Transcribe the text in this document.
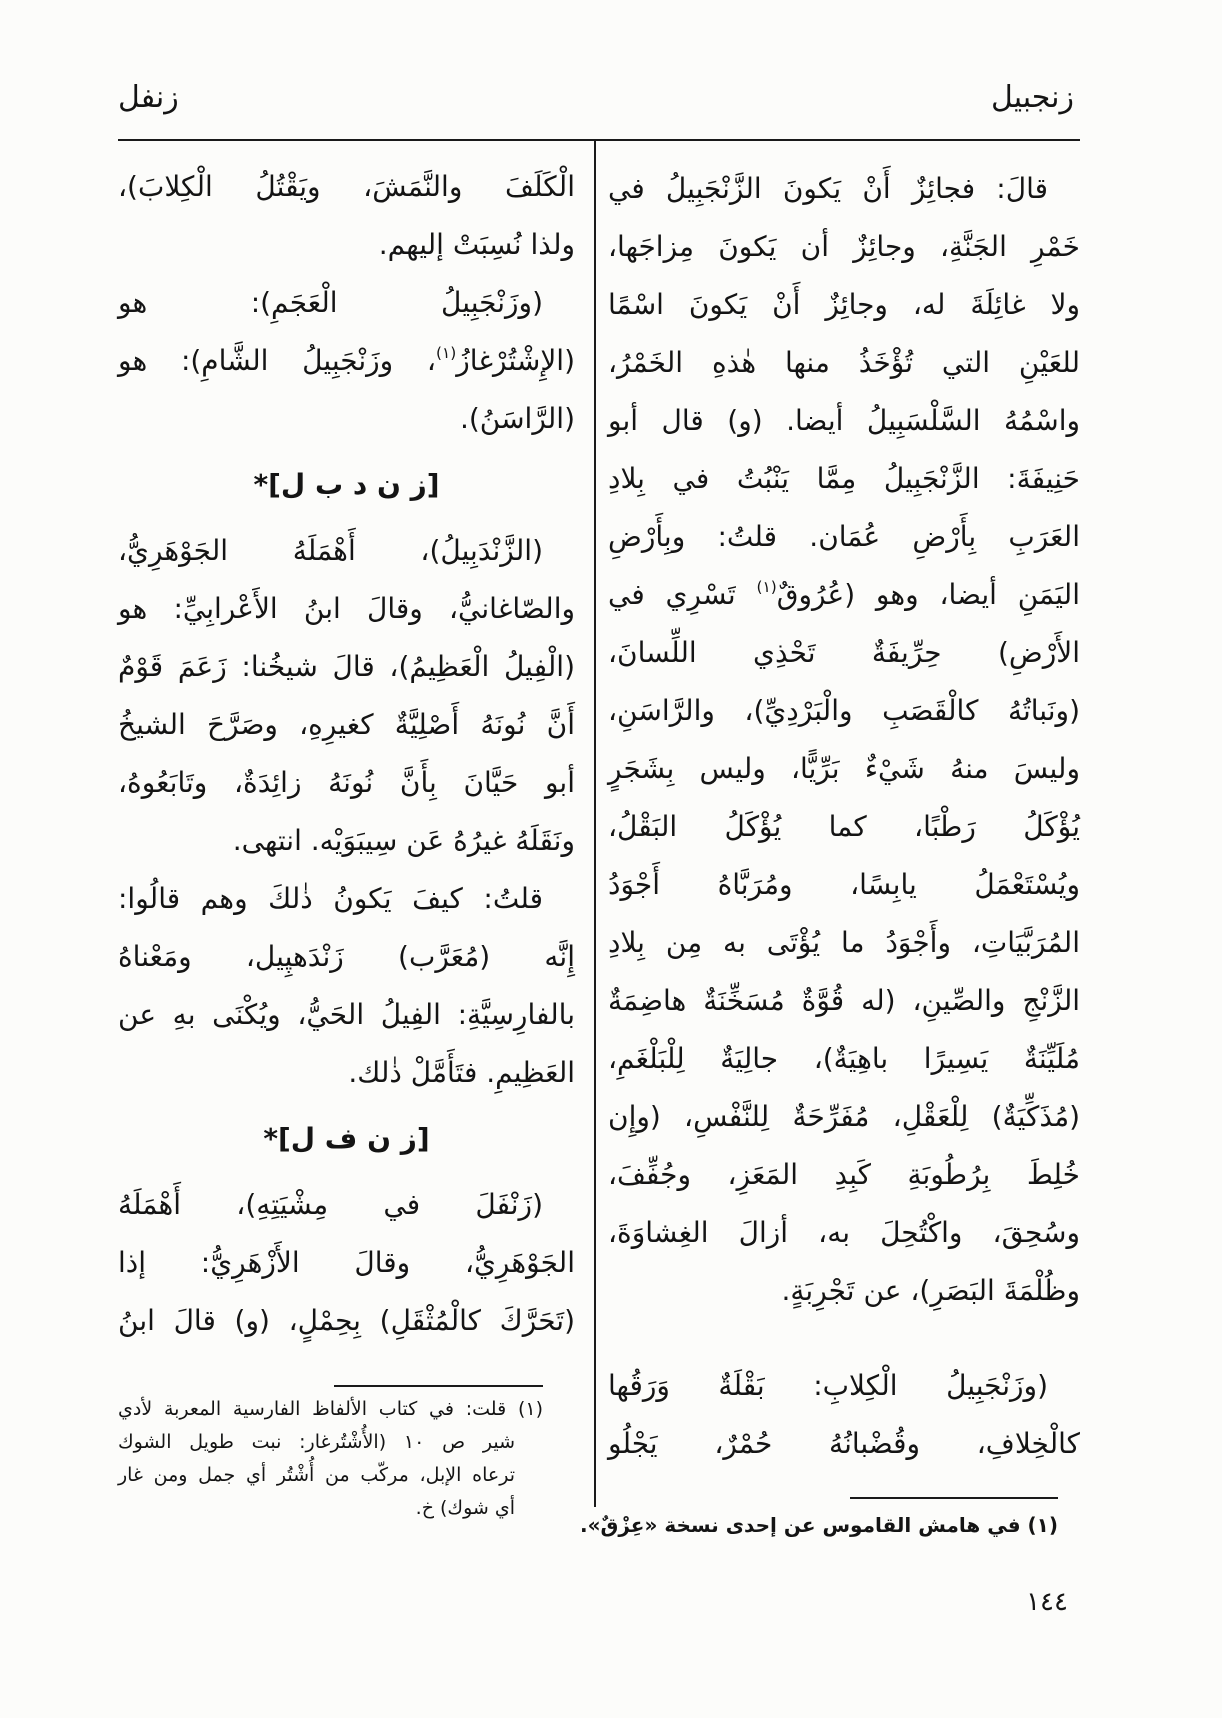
زنجبيل
زنفل
قالَ: فجائِزٌ أَنْ يَكونَ الزَّنْجَبِيلُ في
خَمْرِ الجَنَّةِ، وجائِزٌ أن يَكونَ مِزاجَها،
ولا غائِلَةَ له، وجائِزٌ أَنْ يَكونَ اسْمًا
للعَيْنِ التي تُؤْخَذُ منها هٰذهِ الخَمْرُ،
واسْمُهُ السَّلْسَبِيلُ أيضا. (و) قال أبو
حَنِيفَةَ: الزَّنْجَبِيلُ مِمَّا يَنْبُتُ في بِلادِ
العَرَبِ بِأَرْضِ عُمَان. قلتُ: وبِأَرْضِ
اليَمَنِ أيضا، وهو (عُرُوقٌ$^{(١)}$ تَسْرِي في
الأَرْضِ) حِرِّيفَةٌ تَحْذِي اللِّسانَ،
(ونَباتُهُ كالْقَصَبِ والْبَرْدِيِّ)، والرَّاسَنِ،
وليسَ منهُ شَيْءٌ بَرِّيًّا، وليس بِشَجَرٍ
يُؤْكَلُ رَطْبًا، كما يُؤْكَلُ البَقْلُ،
ويُسْتَعْمَلُ يابِسًا، ومُرَبَّاهُ أَجْوَدُ
المُرَبَّيَاتِ، وأَجْوَدُ ما يُؤْتَى به مِن بِلادِ
الزَّنْجِ والصِّينِ، (له قُوَّةٌ مُسَخِّنَةٌ هاضِمَةٌ
مُلَيِّنَةٌ يَسِيرًا باهِيَةٌ)، جالِيَةٌ لِلْبَلْغَمِ،
(مُذَكِّيَةٌ) لِلْعَقْلِ، مُفَرِّحَةٌ لِلنَّفْسِ، (وإِن
خُلِطَ بِرُطُوبَةِ كَبِدِ المَعَزِ، وجُفِّفَ،
وسُحِقَ، واكْتُحِلَ به، أزالَ الغِشاوَةَ،
وظُلْمَةَ البَصَرِ)، عن تَجْرِبَةٍ.
(وزَنْجَبِيلُ الْكِلابِ: بَقْلَةٌ وَرَقُها
كالْخِلافِ، وقُضْبانُهُ حُمْرٌ، يَجْلُو
الْكَلَفَ والنَّمَشَ، ويَقْتُلُ الْكِلابَ)،
ولذا نُسِبَتْ إليهم.
(وزَنْجَبِيلُ الْعَجَمِ): هو
(الإِشْتُرْغازُ$^{(١)}$، وزَنْجَبِيلُ الشَّامِ): هو
(الرَّاسَنُ).
[ز ن د ب ل]*
(الزَّنْدَبِيلُ)، أَهْمَلَهُ الجَوْهَرِيُّ،
والصّاغانيُّ، وقالَ ابنُ الأَعْرابِيِّ: هو
(الْفِيلُ الْعَظِيمُ)، قالَ شيخُنا: زَعَمَ قَوْمٌ
أَنَّ نُونَهُ أَصْلِيَّةٌ كغيرِهِ، وصَرَّحَ الشيخُ
أبو حَيَّانَ بِأَنَّ نُونَهُ زائِدَةٌ، وتَابَعُوهُ،
ونَقَلَهُ غيرُهُ عَن سِيبَوَيْه. انتهى.
قلتُ: كيفَ يَكونُ ذٰلكَ وهم قالُوا:
إِنَّه (مُعَرَّب) زَنْدَهپِيل، ومَعْناهُ
بالفارِسِيَّةِ: الفِيلُ الحَيُّ، ويُكْنَى بهِ عن
العَظِيمِ. فتَأَمَّلْ ذٰلك.
[ز ن ف ل]*
(زَنْفَلَ في مِشْيَتِهِ)، أَهْمَلَهُ
الجَوْهَرِيُّ، وقالَ الأَزْهَرِيُّ: إذا
(تَحَرَّكَ كالْمُثْقَلِ) بِحِمْلٍ، (و) قالَ ابنُ
(١) قلت: في كتاب الألفاظ الفارسية المعربة لأدي
شير ص ١٠ (الأُشْتُرغار: نبت طويل الشوك
ترعاه الإبل، مركّب من أُشْتُر أي جمل ومن غار
أي شوك) خ.
(١) في هامش القاموس عن إحدى نسخة «عِزْقٌ».
١٤٤
